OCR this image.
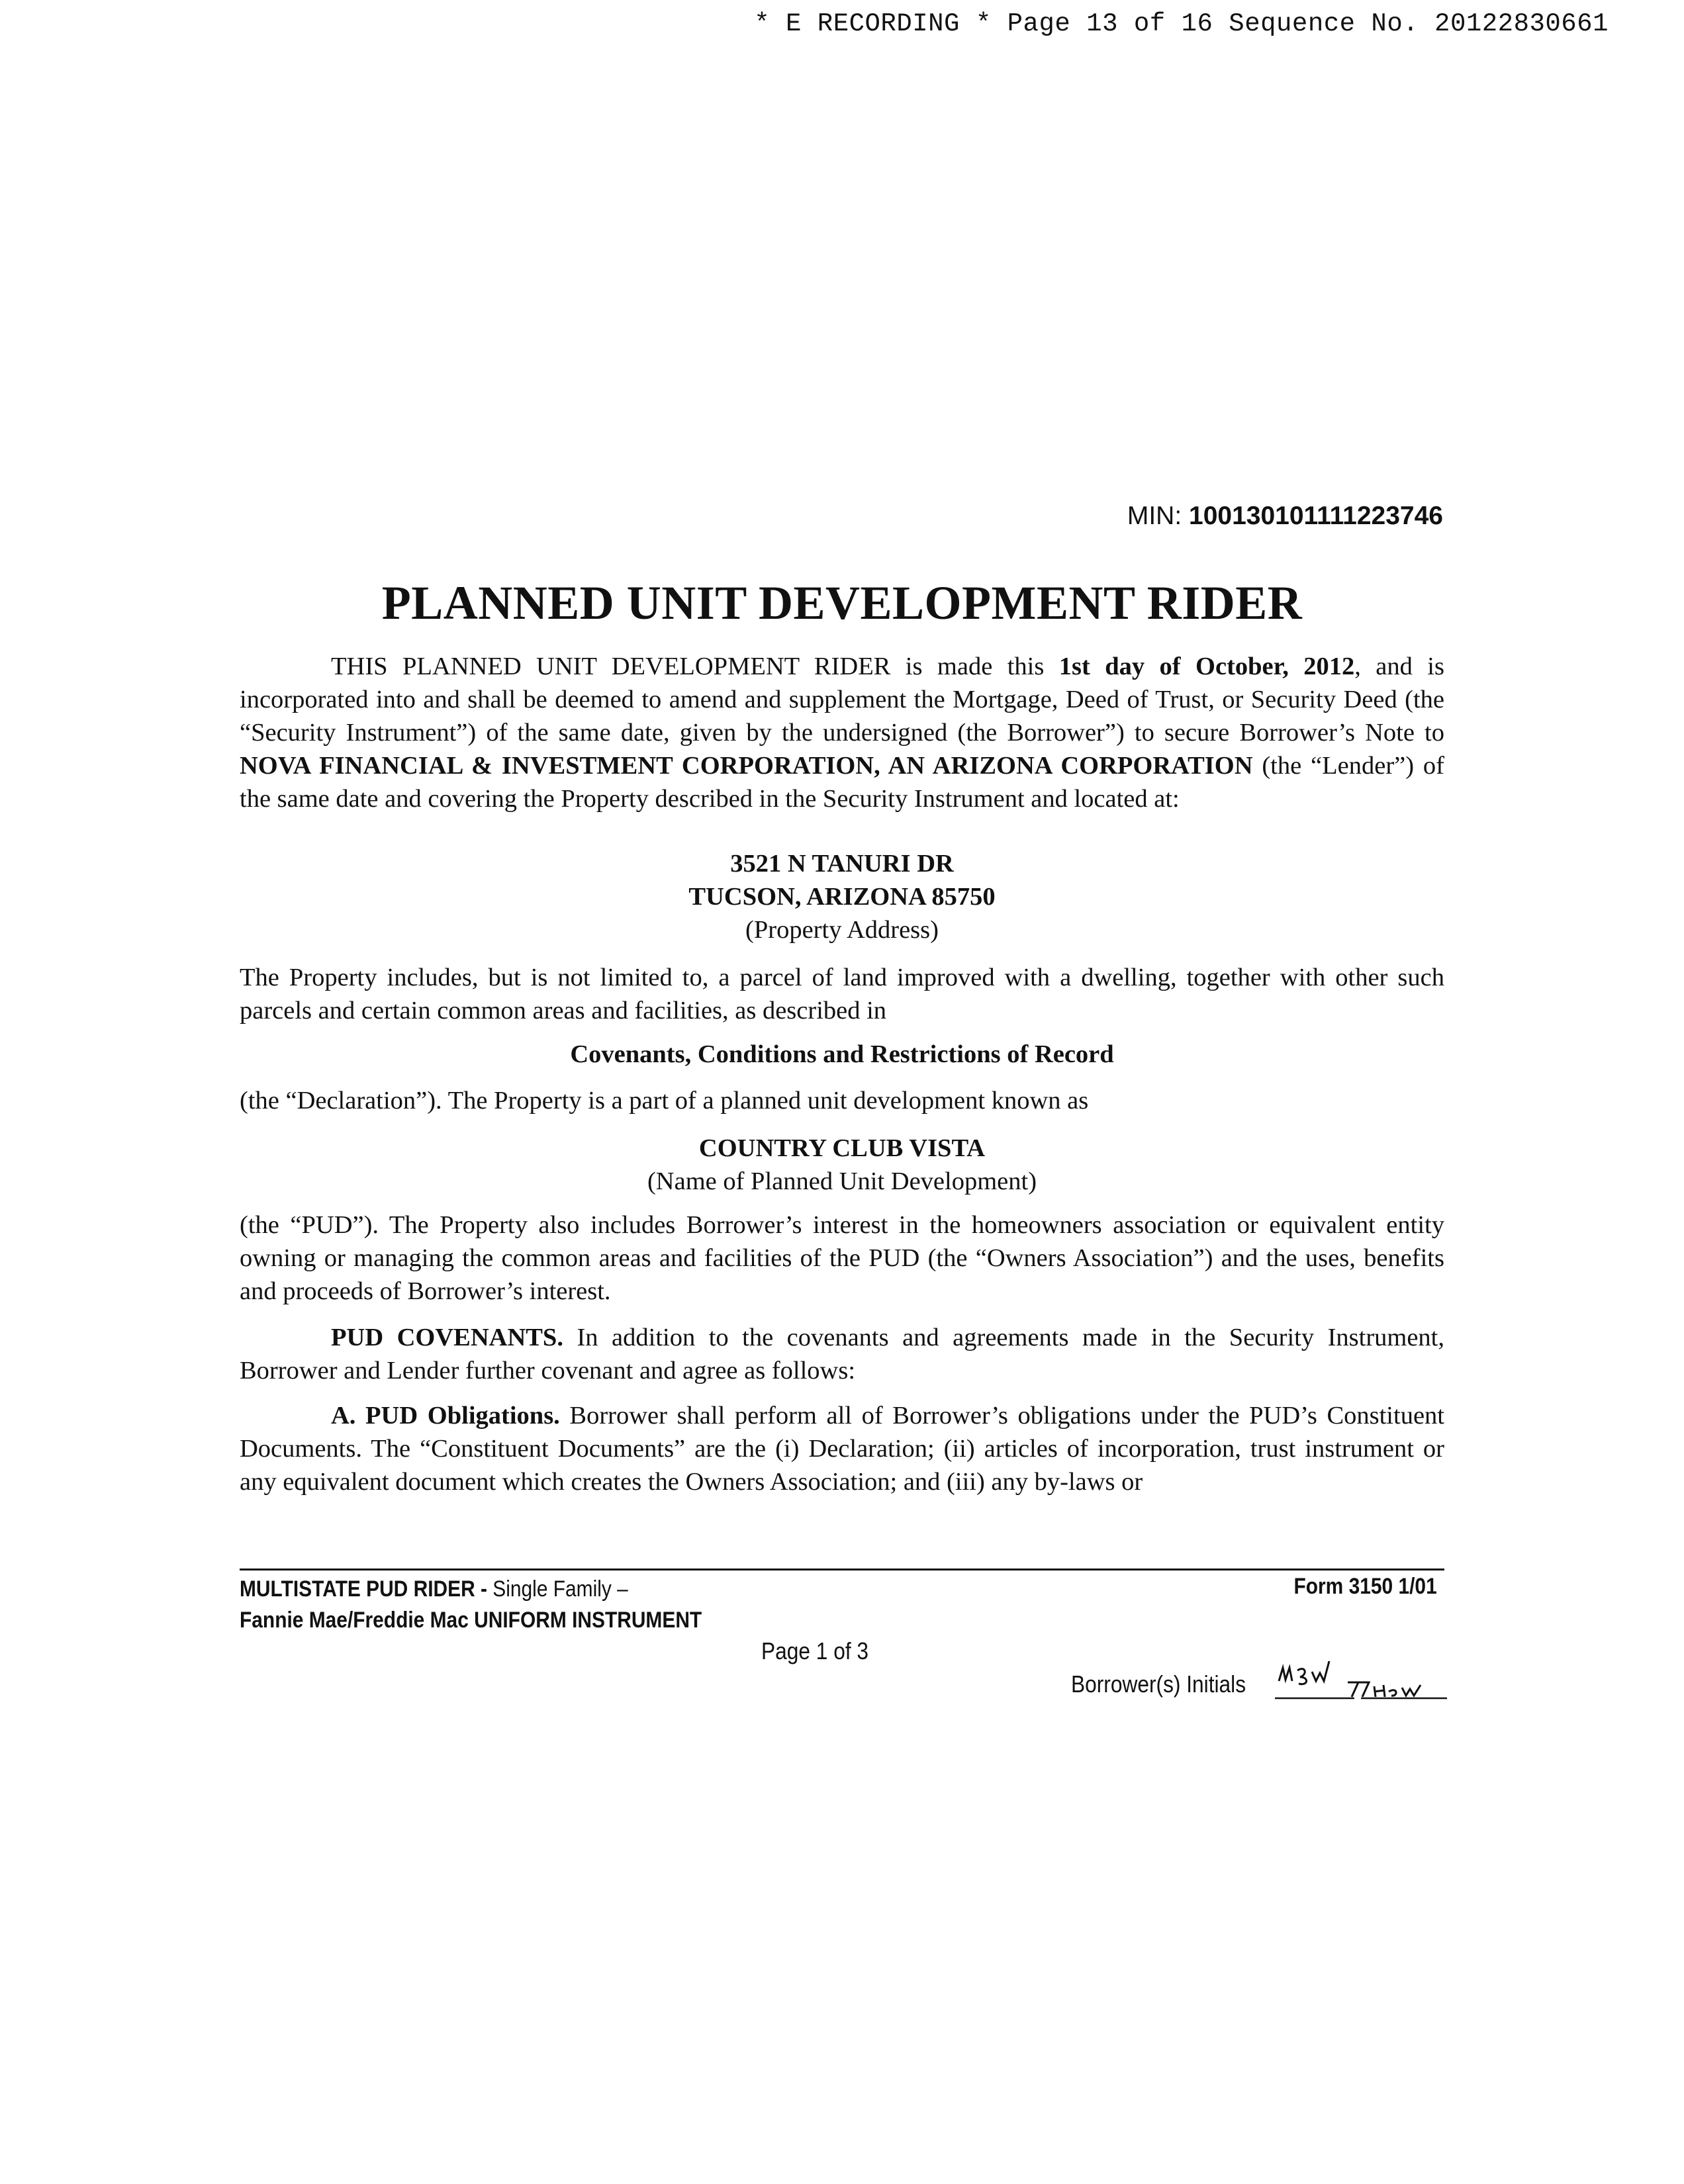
* E RECORDING * Page 13 of 16 Sequence No. 20122830661
MIN: 100130101111223746
PLANNED UNIT DEVELOPMENT RIDER
THIS PLANNED UNIT DEVELOPMENT RIDER is made this 1st day of October, 2012, and is incorporated into and shall be deemed to amend and supplement the Mortgage, Deed of Trust, or Security Deed (the “Security Instrument”) of the same date, given by the undersigned (the Borrower”) to secure Borrower’s Note to NOVA FINANCIAL & INVESTMENT CORPORATION, AN ARIZONA CORPORATION (the “Lender”) of the same date and covering the Property described in the Security Instrument and located at:
3521 N TANURI DR
TUCSON, ARIZONA 85750
(Property Address)
The Property includes, but is not limited to, a parcel of land improved with a dwelling, together with other such parcels and certain common areas and facilities, as described in
Covenants, Conditions and Restrictions of Record
(the “Declaration”). The Property is a part of a planned unit development known as
COUNTRY CLUB VISTA
(Name of Planned Unit Development)
(the “PUD”). The Property also includes Borrower’s interest in the homeowners association or equivalent entity owning or managing the common areas and facilities of the PUD (the “Owners Association”) and the uses, benefits and proceeds of Borrower’s interest.
PUD COVENANTS. In addition to the covenants and agreements made in the Security Instrument, Borrower and Lender further covenant and agree as follows:
A. PUD Obligations. Borrower shall perform all of Borrower’s obligations under the PUD’s Constituent Documents. The “Constituent Documents” are the (i) Declaration; (ii) articles of incorporation, trust instrument or any equivalent document which creates the Owners Association; and (iii) any by-laws or
MULTISTATE PUD RIDER - Single Family –
Fannie Mae/Freddie Mac UNIFORM INSTRUMENT
Form 3150 1/01
Page 1 of 3
Borrower(s) Initials
